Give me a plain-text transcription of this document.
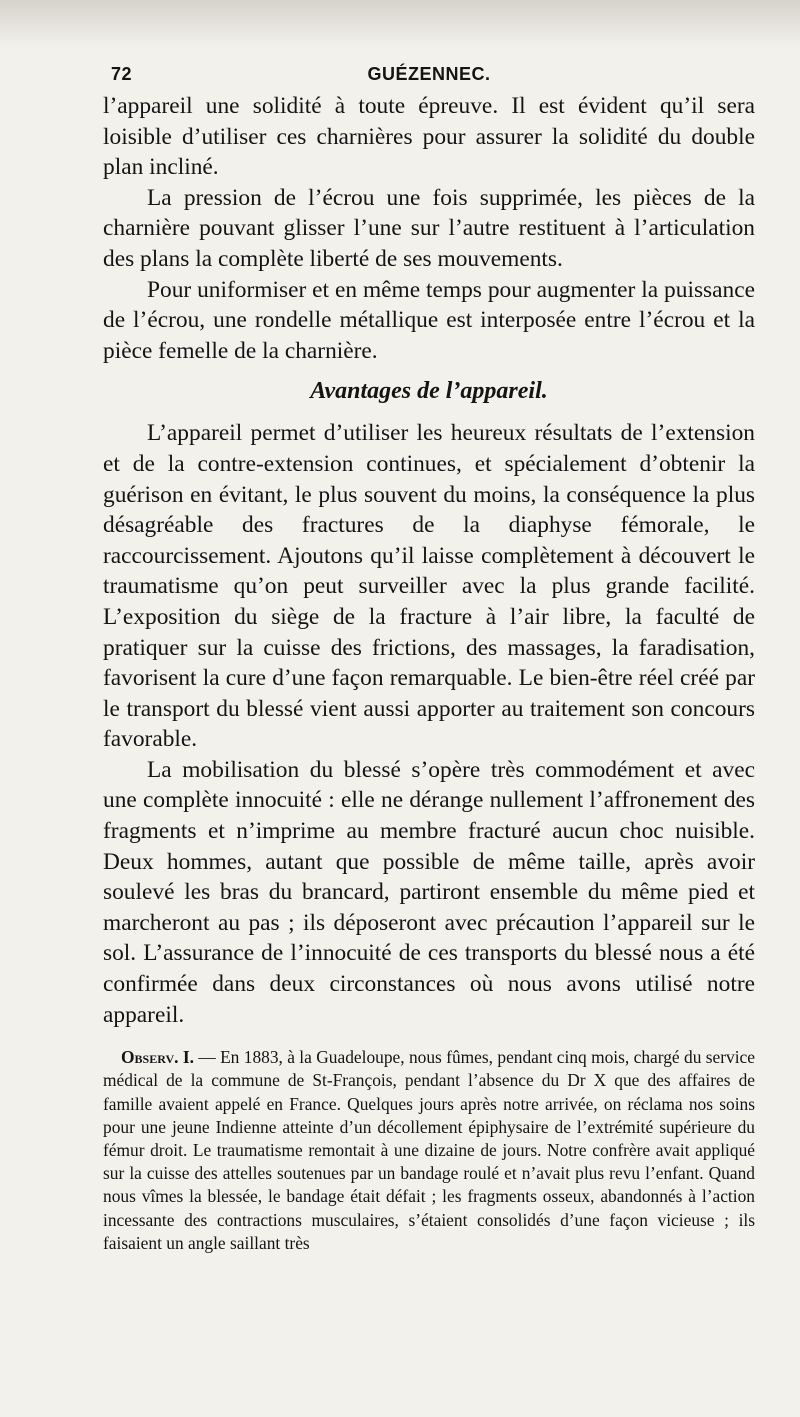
72	GUÉZENNEC.

l’appareil une solidité à toute épreuve. Il est évident qu’il sera loisible d’utiliser ces charnières pour assurer la solidité du double plan incliné.

La pression de l’écrou une fois supprimée, les pièces de la charnière pouvant glisser l’une sur l’autre restituent à l’articulation des plans la complète liberté de ses mouvements.

Pour uniformiser et en même temps pour augmenter la puissance de l’écrou, une rondelle métallique est interposée entre l’écrou et la pièce femelle de la charnière.

Avantages de l’appareil.

L’appareil permet d’utiliser les heureux résultats de l’extension et de la contre-extension continues, et spécialement d’obtenir la guérison en évitant, le plus souvent du moins, la conséquence la plus désagréable des fractures de la diaphyse fémorale, le raccourcissement. Ajoutons qu’il laisse complètement à découvert le traumatisme qu’on peut surveiller avec la plus grande facilité. L’exposition du siège de la fracture à l’air libre, la faculté de pratiquer sur la cuisse des frictions, des massages, la faradisation, favorisent la cure d’une façon remarquable. Le bien-être réel créé par le transport du blessé vient aussi apporter au traitement son concours favorable.

La mobilisation du blessé s’opère très commodément et avec une complète innocuité : elle ne dérange nullement l’affronement des fragments et n’imprime au membre fracturé aucun choc nuisible. Deux hommes, autant que possible de même taille, après avoir soulevé les bras du brancard, partiront ensemble du même pied et marcheront au pas ; ils déposeront avec précaution l’appareil sur le sol. L’assurance de l’innocuité de ces transports du blessé nous a été confirmée dans deux circonstances où nous avons utilisé notre appareil.

Observ. I. — En 1883, à la Guadeloupe, nous fûmes, pendant cinq mois, chargé du service médical de la commune de St-François, pendant l’absence du Dr X que des affaires de famille avaient appelé en France. Quelques jours après notre arrivée, on réclama nos soins pour une jeune Indienne atteinte d’un décollement épiphysaire de l’extrémité supérieure du fémur droit. Le traumatisme remontait à une dizaine de jours. Notre confrère avait appliqué sur la cuisse des attelles soutenues par un bandage roulé et n’avait plus revu l’enfant. Quand nous vîmes la blessée, le bandage était défait ; les fragments osseux, abandonnés à l’action incessante des contractions musculaires, s’étaient consolidés d’une façon vicieuse ; ils faisaient un angle saillant très
